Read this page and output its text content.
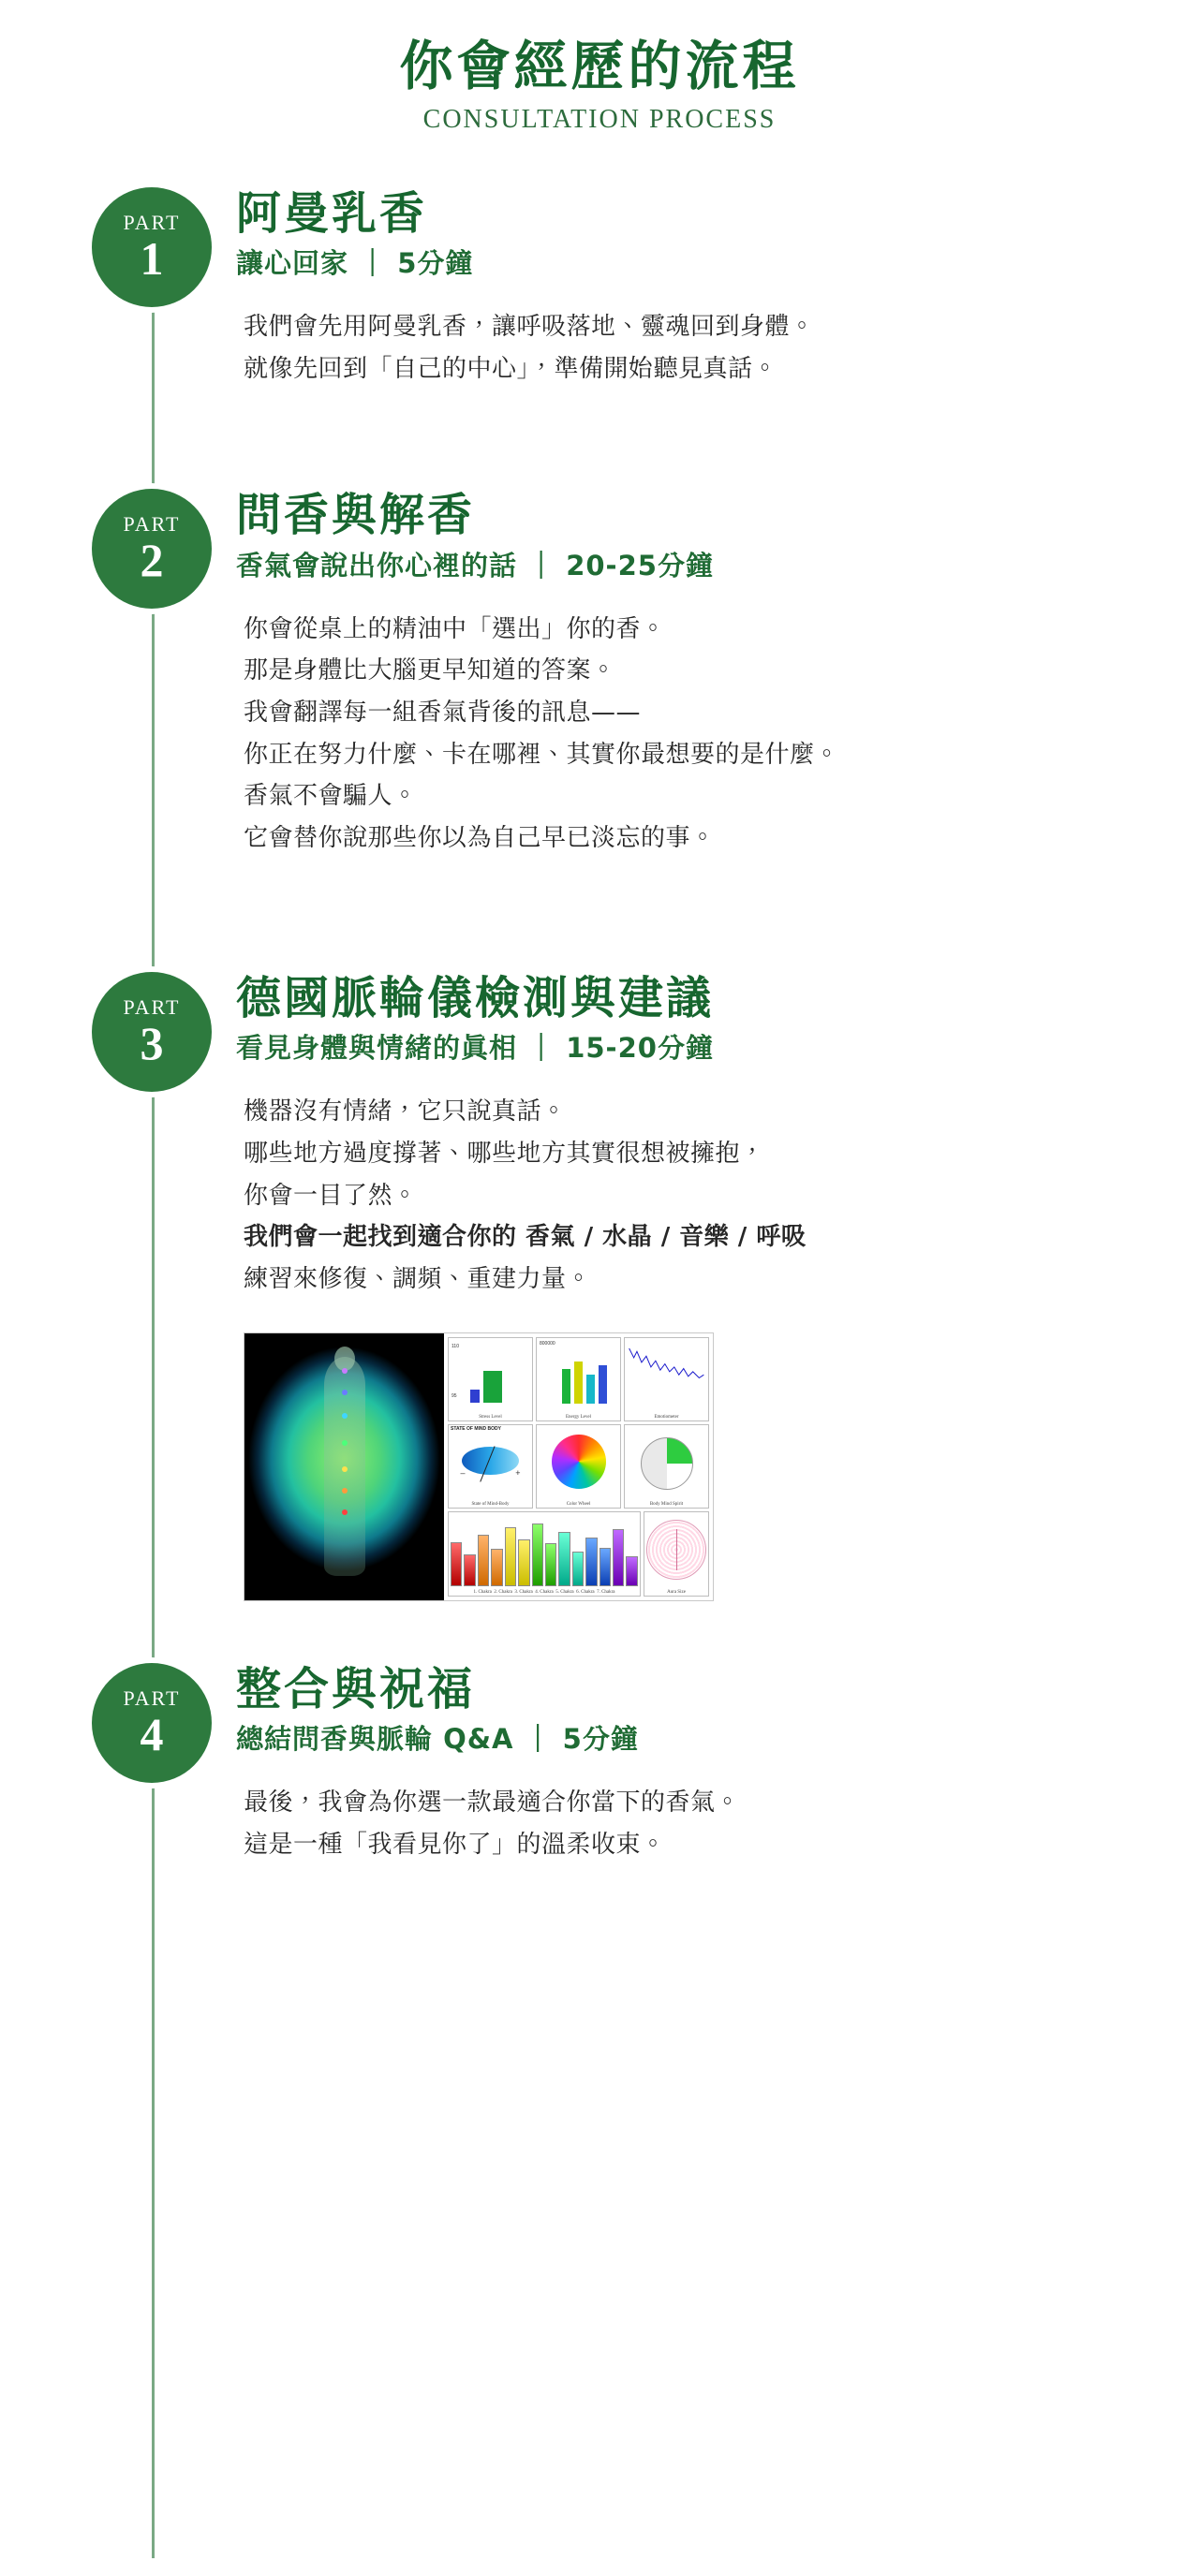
你會經歷的流程
CONSULTATION PROCESS
PART
1
阿曼乳香

讓心回家 ｜ 5分鐘

我們會先用阿曼乳香，讓呼吸落地、靈魂回到身體。
就像先回到「自己的中心」，準備開始聽見真話。
PART
2
問香與解香

香氣會說出你心裡的話 ｜ 20-25分鐘

你會從桌上的精油中「選出」你的香。
那是身體比大腦更早知道的答案。
我會翻譯每一組香氣背後的訊息——
你正在努力什麼、卡在哪裡、其實你最想要的是什麼。
香氣不會騙人。
它會替你說那些你以為自己早已淡忘的事。
PART
3
德國脈輪儀檢測與建議

看見身體與情緒的眞相 ｜ 15-20分鐘

機器沒有情緒，它只說真話。
哪些地方過度撐著、哪些地方其實很想被擁抱，
你會一目了然。
我們會一起找到適合你的 香氣 / 水晶 / 音樂 / 呼吸
練習來修復、調頻、重建力量。
110
95
Stress Level
800000
Energy Level	Emotiometer
STATE OF MIND BODY
–	+
State of Mind-Body	Color Wheel	Body Mind Spirit
1. Chakra  2. Chakra  3. Chakra  4. Chakra  5. Chakra  6. Chakra  7. Chakra	Aura Size
PART
4
整合與祝福

總結問香與脈輪 Q&A ｜ 5分鐘

最後，我會為你選一款最適合你當下的香氣。
這是一種「我看見你了」的溫柔收束。
